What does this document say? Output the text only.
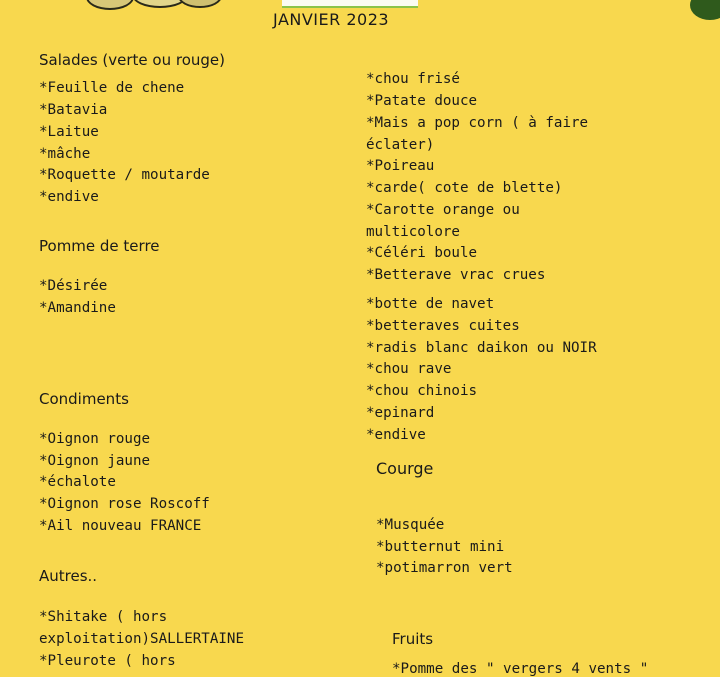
JANVIER 2023
Salades (verte ou rouge)
*Feuille de chene
*Batavia
*Laitue
*mâche
*Roquette / moutarde
*endive
Pomme de terre
*Désirée
*Amandine
Condiments
*Oignon rouge
*Oignon jaune
*échalote
*Oignon rose Roscoff
*Ail nouveau FRANCE
Autres..
*Shitake ( hors
exploitation)SALLERTAINE
*Pleurote ( hors
*chou frisé
*Patate douce
*Mais a pop corn ( à faire
éclater)
*Poireau
*carde( cote de blette)
*Carotte orange ou
multicolore
*Céléri boule
*Betterave vrac crues
*botte de navet
*betteraves cuites
*radis blanc daikon ou NOIR
*chou rave
*chou chinois
*epinard
*endive
Courge
*Musquée
*butternut mini
*potimarron vert
Fruits
*Pomme des " vergers 4 vents "
